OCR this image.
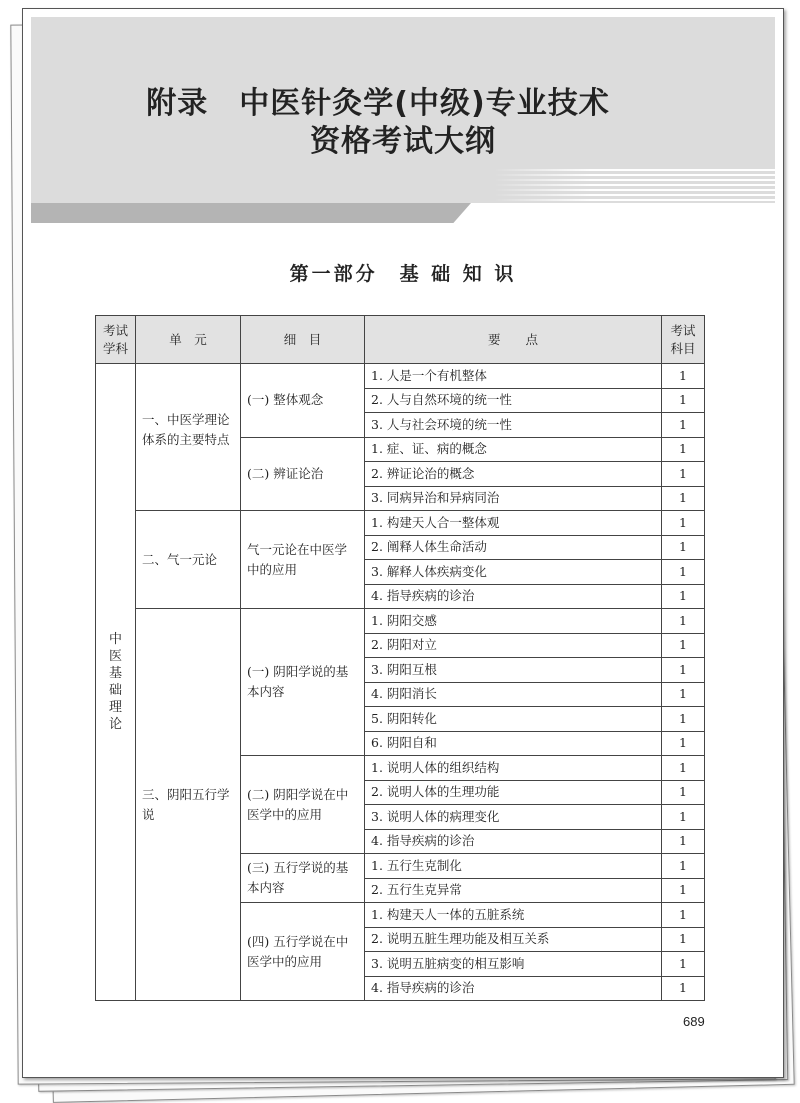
附录　中医针灸学(中级)专业技术
资格考试大纲
第一部分　基 础 知 识
考试学科	单　元	细　目	要　　点	考试科目
中医基础理论	一、中医学理论体系的主要特点	(一) 整体观念	1. 人是一个有机整体	1
			2. 人与自然环境的统一性	1
			3. 人与社会环境的统一性	1
		(二) 辨证论治	1. 症、证、病的概念	1
			2. 辨证论治的概念	1
			3. 同病异治和异病同治	1
	二、气一元论	气一元论在中医学中的应用	1. 构建天人合一整体观	1
			2. 阐释人体生命活动	1
			3. 解释人体疾病变化	1
			4. 指导疾病的诊治	1
	三、阴阳五行学说	(一) 阴阳学说的基本内容	1. 阴阳交感	1
			2. 阴阳对立	1
			3. 阴阳互根	1
			4. 阴阳消长	1
			5. 阴阳转化	1
			6. 阴阳自和	1
		(二) 阴阳学说在中医学中的应用	1. 说明人体的组织结构	1
			2. 说明人体的生理功能	1
			3. 说明人体的病理变化	1
			4. 指导疾病的诊治	1
		(三) 五行学说的基本内容	1. 五行生克制化	1
			2. 五行生克异常	1
		(四) 五行学说在中医学中的应用	1. 构建天人一体的五脏系统	1
			2. 说明五脏生理功能及相互关系	1
			3. 说明五脏病变的相互影响	1
			4. 指导疾病的诊治	1
689
